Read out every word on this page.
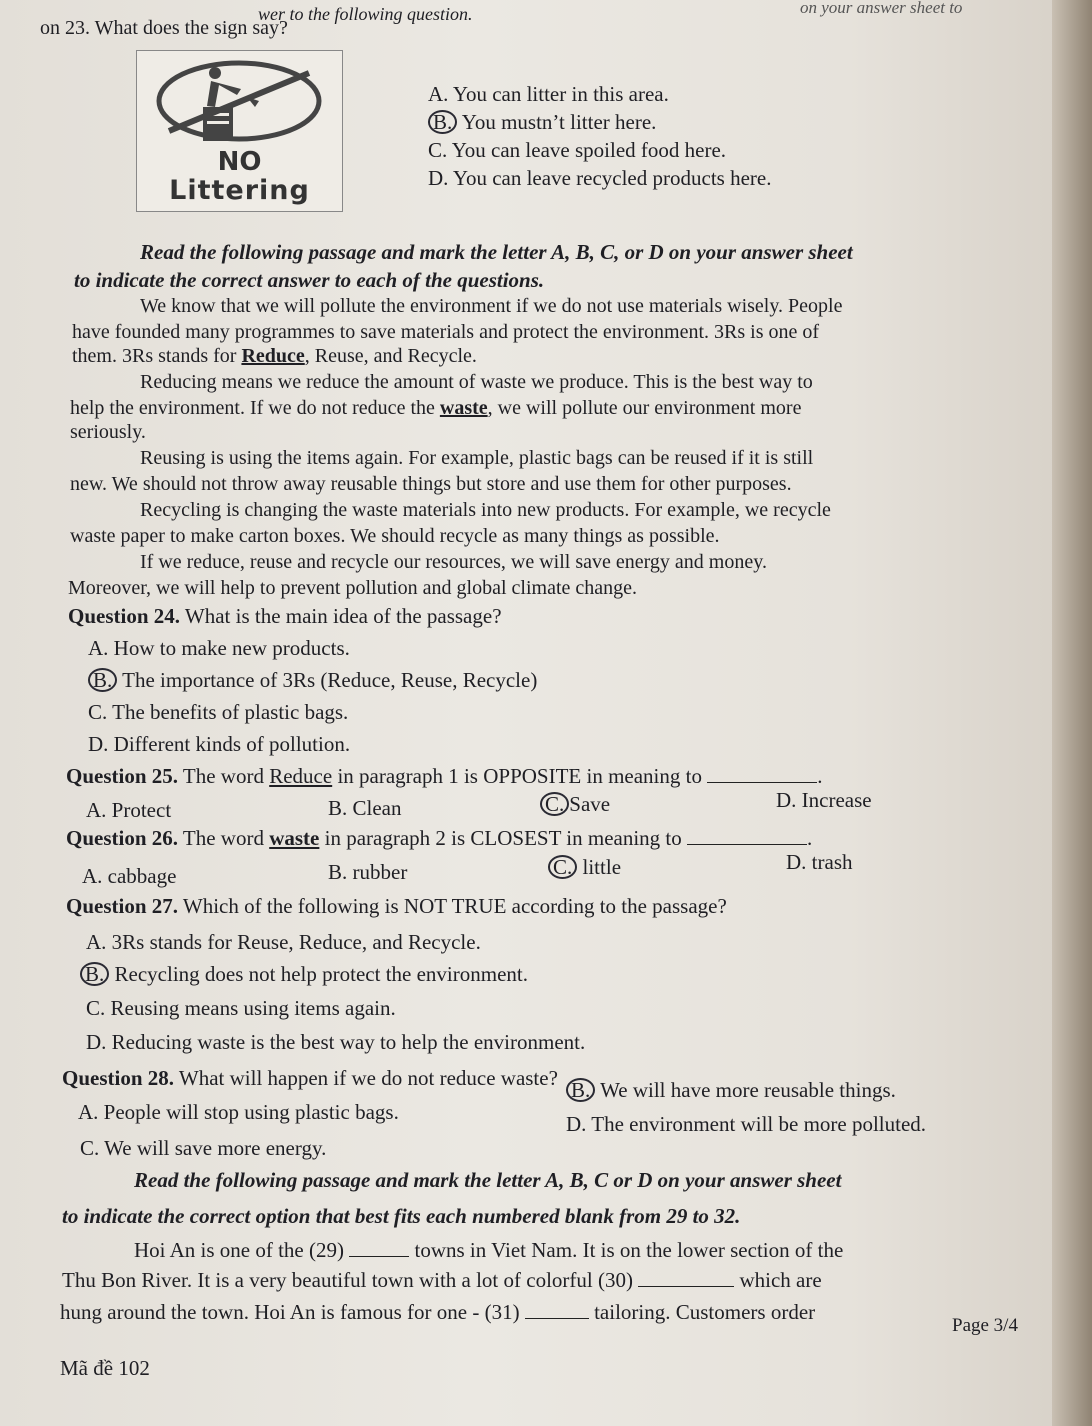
wer to the following question.	on your answer sheet to
on 23. What does the sign say?
NO
Littering
A. You can litter in this area.
B. You mustn’t litter here.
C. You can leave spoiled food here.
D. You can leave recycled products here.
Read the following passage and mark the letter A, B, C, or D on your answer sheet
to indicate the correct answer to each of the questions.
We know that we will pollute the environment if we do not use materials wisely. People
have founded many programmes to save materials and protect the environment. 3Rs is one of
them. 3Rs stands for Reduce, Reuse, and Recycle.
Reducing means we reduce the amount of waste we produce. This is the best way to
help the environment. If we do not reduce the waste, we will pollute our environment more
seriously.
Reusing is using the items again. For example, plastic bags can be reused if it is still
new. We should not throw away reusable things but store and use them for other purposes.
Recycling is changing the waste materials into new products. For example, we recycle
waste paper to make carton boxes. We should recycle as many things as possible.
If we reduce, reuse and recycle our resources, we will save energy and money.
Moreover, we will help to prevent pollution and global climate change.
Question 24. What is the main idea of the passage?
A. How to make new products.
B. The importance of 3Rs (Reduce, Reuse, Recycle)
C. The benefits of plastic bags.
D. Different kinds of pollution.
Question 25. The word Reduce in paragraph 1 is OPPOSITE in meaning to	.
A. Protect	B. Clean	C. Save	D. Increase
Question 26. The word waste in paragraph 2 is CLOSEST in meaning to	.
A. cabbage	B. rubber	C. little	D. trash
Question 27. Which of the following is NOT TRUE according to the passage?
A. 3Rs stands for Reuse, Reduce, and Recycle.
B. Recycling does not help protect the environment.
C. Reusing means using items again.
D. Reducing waste is the best way to help the environment.
Question 28. What will happen if we do not reduce waste?
A. People will stop using plastic bags.
B. We will have more reusable things.
C. We will save more energy.
D. The environment will be more polluted.
Read the following passage and mark the letter A, B, C or D on your answer sheet
to indicate the correct option that best fits each numbered blank from 29 to 32.
Hoi An is one of the (29)	towns in Viet Nam. It is on the lower section of the
Thu Bon River. It is a very beautiful town with a lot of colorful (30)	which are
hung around the town. Hoi An is famous for one - (31)	tailoring. Customers order
Page 3/4
Mã đề 102
